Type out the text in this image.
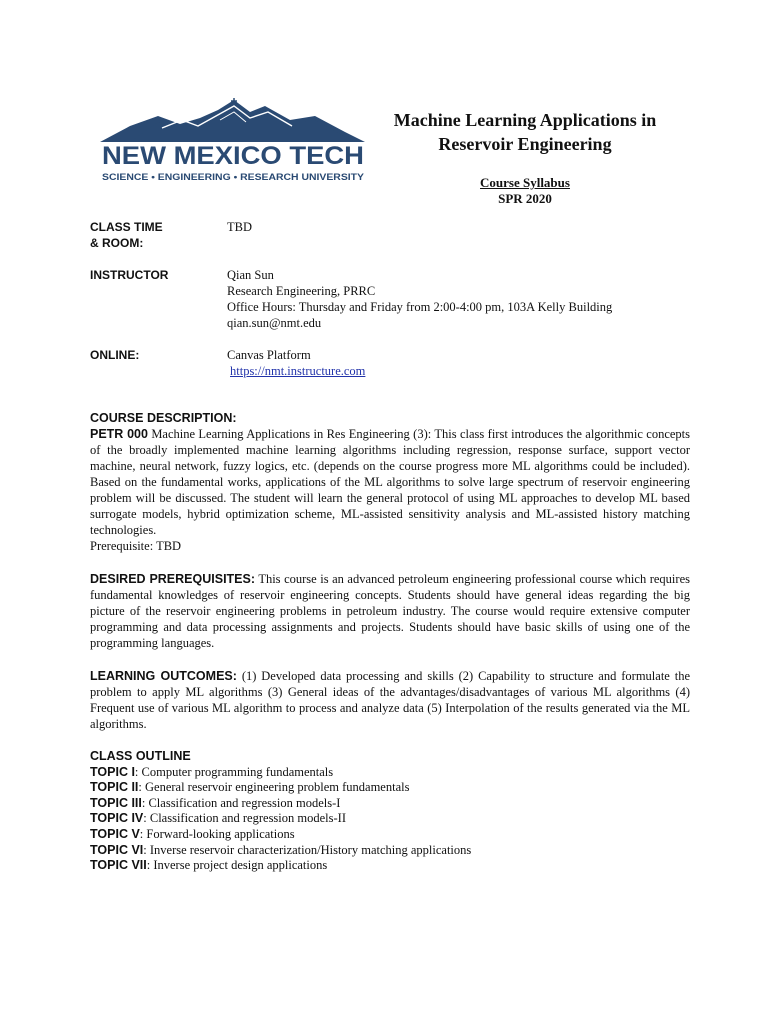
NEW MEXICO TECH
SCIENCE • ENGINEERING • RESEARCH UNIVERSITY

Machine Learning Applications in
Reservoir Engineering

Course Syllabus
SPR 2020
CLASS TIME
& ROOM:
TBD
INSTRUCTOR	Qian Sun
Research Engineering, PRRC
Office Hours: Thursday and Friday from 2:00-4:00 pm, 103A Kelly Building
qian.sun@nmt.edu
ONLINE:	Canvas Platform
https://nmt.instructure.com
COURSE DESCRIPTION:
PETR 000 Machine Learning Applications in Res Engineering (3): This class first introduces the algorithmic concepts of the broadly implemented machine learning algorithms including regression, response surface, support vector machine, neural network, fuzzy logics, etc. (depends on the course progress more ML algorithms could be included). Based on the fundamental works, applications of the ML algorithms to solve large spectrum of reservoir engineering problem will be discussed. The student will learn the general protocol of using ML approaches to develop ML based surrogate models, hybrid optimization scheme, ML-assisted sensitivity analysis and ML-assisted history matching technologies.
Prerequisite: TBD
DESIRED PREREQUISITES: This course is an advanced petroleum engineering professional course which requires fundamental knowledges of reservoir engineering concepts. Students should have general ideas regarding the big picture of the reservoir engineering problems in petroleum industry. The course would require extensive computer programming and data processing assignments and projects. Students should have basic skills of using one of the programming languages.
LEARNING OUTCOMES: (1) Developed data processing and skills (2) Capability to structure and formulate the problem to apply ML algorithms (3) General ideas of the advantages/disadvantages of various ML algorithms (4) Frequent use of various ML algorithm to process and analyze data (5) Interpolation of the results generated via the ML algorithms.
CLASS OUTLINE
TOPIC I: Computer programming fundamentals
TOPIC II: General reservoir engineering problem fundamentals
TOPIC III: Classification and regression models-I
TOPIC IV: Classification and regression models-II
TOPIC V: Forward-looking applications
TOPIC VI: Inverse reservoir characterization/History matching applications
TOPIC VII: Inverse project design applications
